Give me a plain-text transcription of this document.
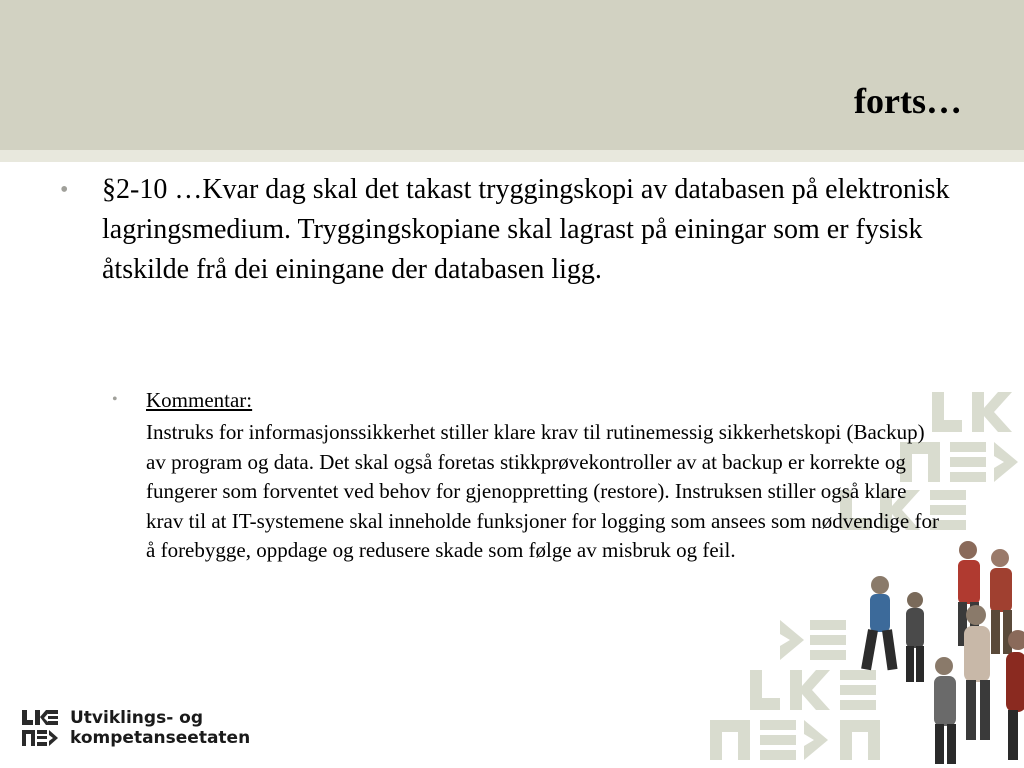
forts…
•	§2-10 …Kvar dag skal det takast tryggingskopi av databasen på elektronisk lagringsmedium. Tryggingskopiane skal lagrast på einingar som er fysisk åtskilde frå dei einingane der databasen ligg.
•	Kommentar:
Instruks for informasjonssikkerhet stiller klare krav til rutinemessig sikkerhetskopi (Backup) av program og data. Det skal også foretas stikkprøvekontroller av at backup er korrekte og fungerer som forventet ved behov for gjenoppretting (restore). Instruksen stiller også klare krav til at IT-systemene skal inneholde funksjoner for logging som ansees som nødvendige for å forebygge, oppdage og redusere skade som følge av misbruk og feil.
Utviklings- og
kompetanseetaten
